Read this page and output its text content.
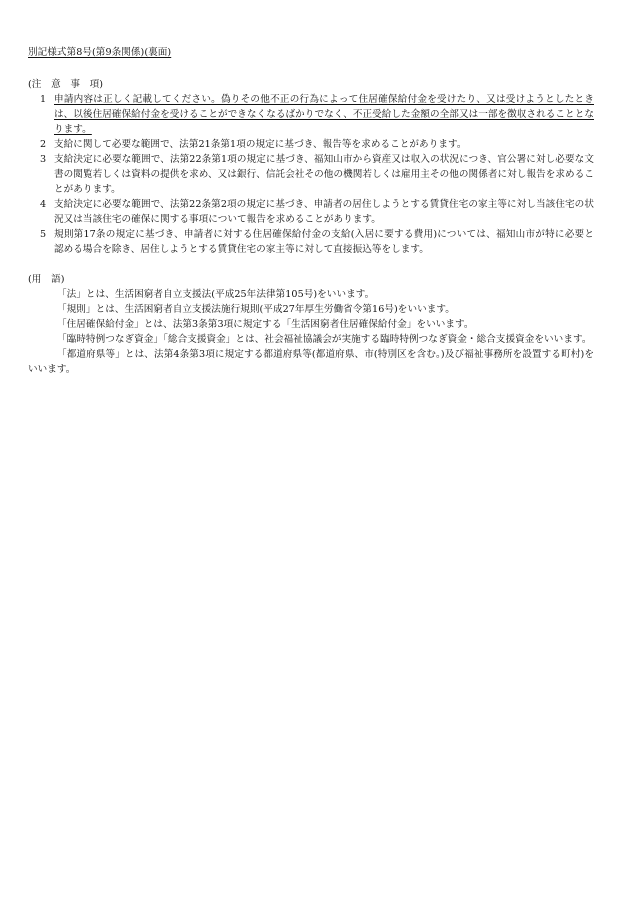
別記様式第8号(第9条関係)(裏面)
(注　意　事　項)
1 申請内容は正しく記載してください。偽りその他不正の行為によって住居確保給付金を受けたり、又は受けようとしたときは、以後住居確保給付金を受けることができなくなるばかりでなく、不正受給した金額の全部又は一部を徴収されることとなります。
2 支給に関して必要な範囲で、法第21条第1項の規定に基づき、報告等を求めることがあります。
3 支給決定に必要な範囲で、法第22条第1項の規定に基づき、福知山市から資産又は収入の状況につき、官公署に対し必要な文書の閲覧若しくは資料の提供を求め、又は銀行、信託会社その他の機関若しくは雇用主その他の関係者に対し報告を求めることがあります。
4 支給決定に必要な範囲で、法第22条第2項の規定に基づき、申請者の居住しようとする賃貸住宅の家主等に対し当該住宅の状況又は当該住宅の確保に関する事項について報告を求めることがあります。
5 規則第17条の規定に基づき、申請者に対する住居確保給付金の支給(入居に要する費用)については、福知山市が特に必要と認める場合を除き、居住しようとする賃貸住宅の家主等に対して直接振込等をします。
(用　語)
「法」とは、生活困窮者自立支援法(平成25年法律第105号)をいいます。
「規則」とは、生活困窮者自立支援法施行規則(平成27年厚生労働省令第16号)をいいます。
「住居確保給付金」とは、法第3条第3項に規定する「生活困窮者住居確保給付金」をいいます。
「臨時特例つなぎ資金」「総合支援資金」とは、社会福祉協議会が実施する臨時特例つなぎ資金・総合支援資金をいいます。
「都道府県等」とは、法第4条第3項に規定する都道府県等(都道府県、市(特別区を含む。)及び福祉事務所を設置する町村)をいいます。
